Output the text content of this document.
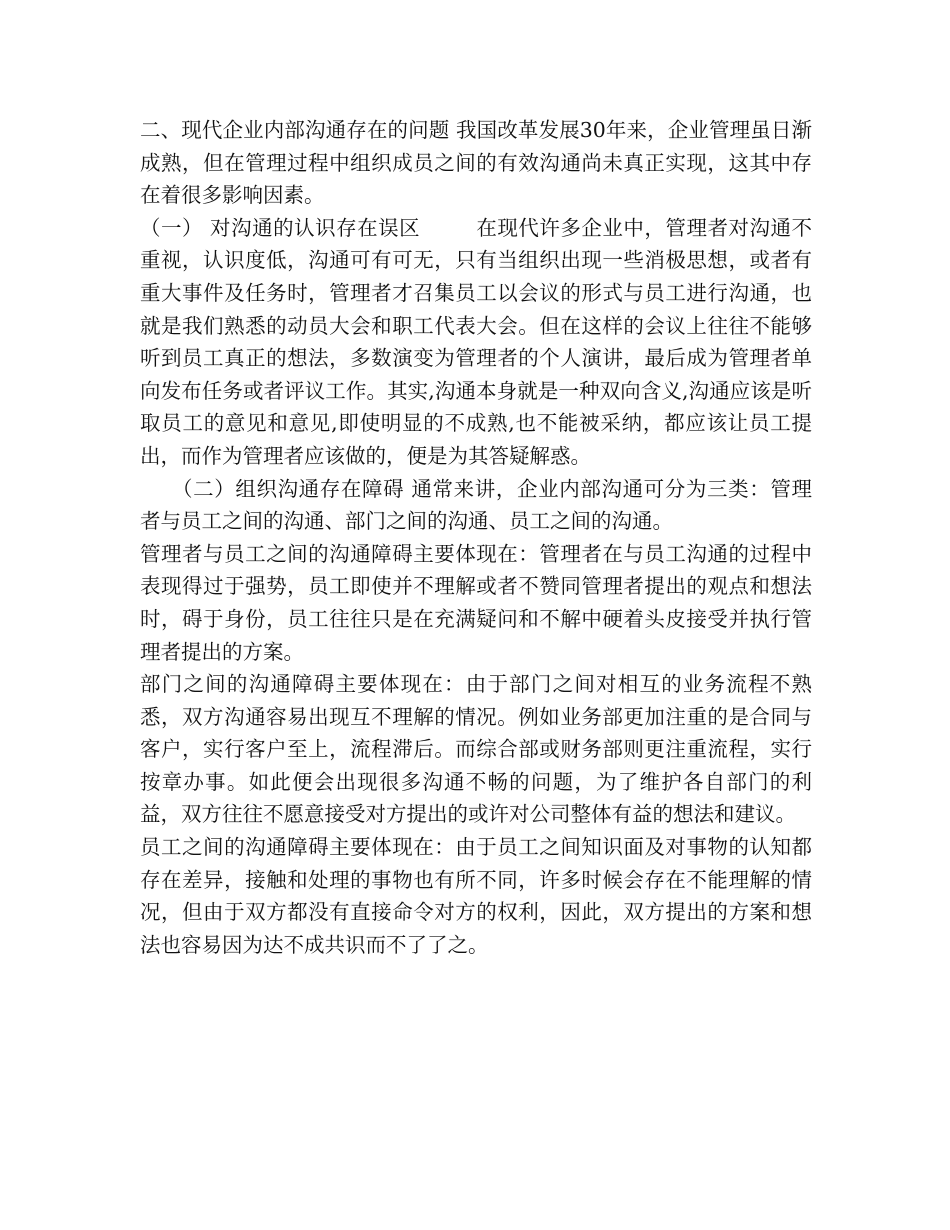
二、现代企业内部沟通存在的问题 我国改革发展30年来，企业管理虽日渐成熟，但在管理过程中组织成员之间的有效沟通尚未真正实现，这其中存在着很多影响因素。

（一） 对沟通的认识存在误区        在现代许多企业中，管理者对沟通不重视，认识度低，沟通可有可无，只有当组织出现一些消极思想，或者有重大事件及任务时，管理者才召集员工以会议的形式与员工进行沟通，也就是我们熟悉的动员大会和职工代表大会。但在这样的会议上往往不能够听到员工真正的想法，多数演变为管理者的个人演讲，最后成为管理者单向发布任务或者评议工作。其实,沟通本身就是一种双向含义,沟通应该是听取员工的意见和意见,即使明显的不成熟,也不能被采纳，都应该让员工提出，而作为管理者应该做的，便是为其答疑解惑。

　　（二）组织沟通存在障碍 通常来讲，企业内部沟通可分为三类：管理者与员工之间的沟通、部门之间的沟通、员工之间的沟通。

管理者与员工之间的沟通障碍主要体现在：管理者在与员工沟通的过程中表现得过于强势，员工即使并不理解或者不赞同管理者提出的观点和想法时，碍于身份，员工往往只是在充满疑问和不解中硬着头皮接受并执行管理者提出的方案。

部门之间的沟通障碍主要体现在：由于部门之间对相互的业务流程不熟悉，双方沟通容易出现互不理解的情况。例如业务部更加注重的是合同与客户，实行客户至上，流程滞后。而综合部或财务部则更注重流程，实行按章办事。如此便会出现很多沟通不畅的问题，为了维护各自部门的利益，双方往往不愿意接受对方提出的或许对公司整体有益的想法和建议。

员工之间的沟通障碍主要体现在：由于员工之间知识面及对事物的认知都存在差异，接触和处理的事物也有所不同，许多时候会存在不能理解的情况，但由于双方都没有直接命令对方的权利，因此，双方提出的方案和想法也容易因为达不成共识而不了了之。
